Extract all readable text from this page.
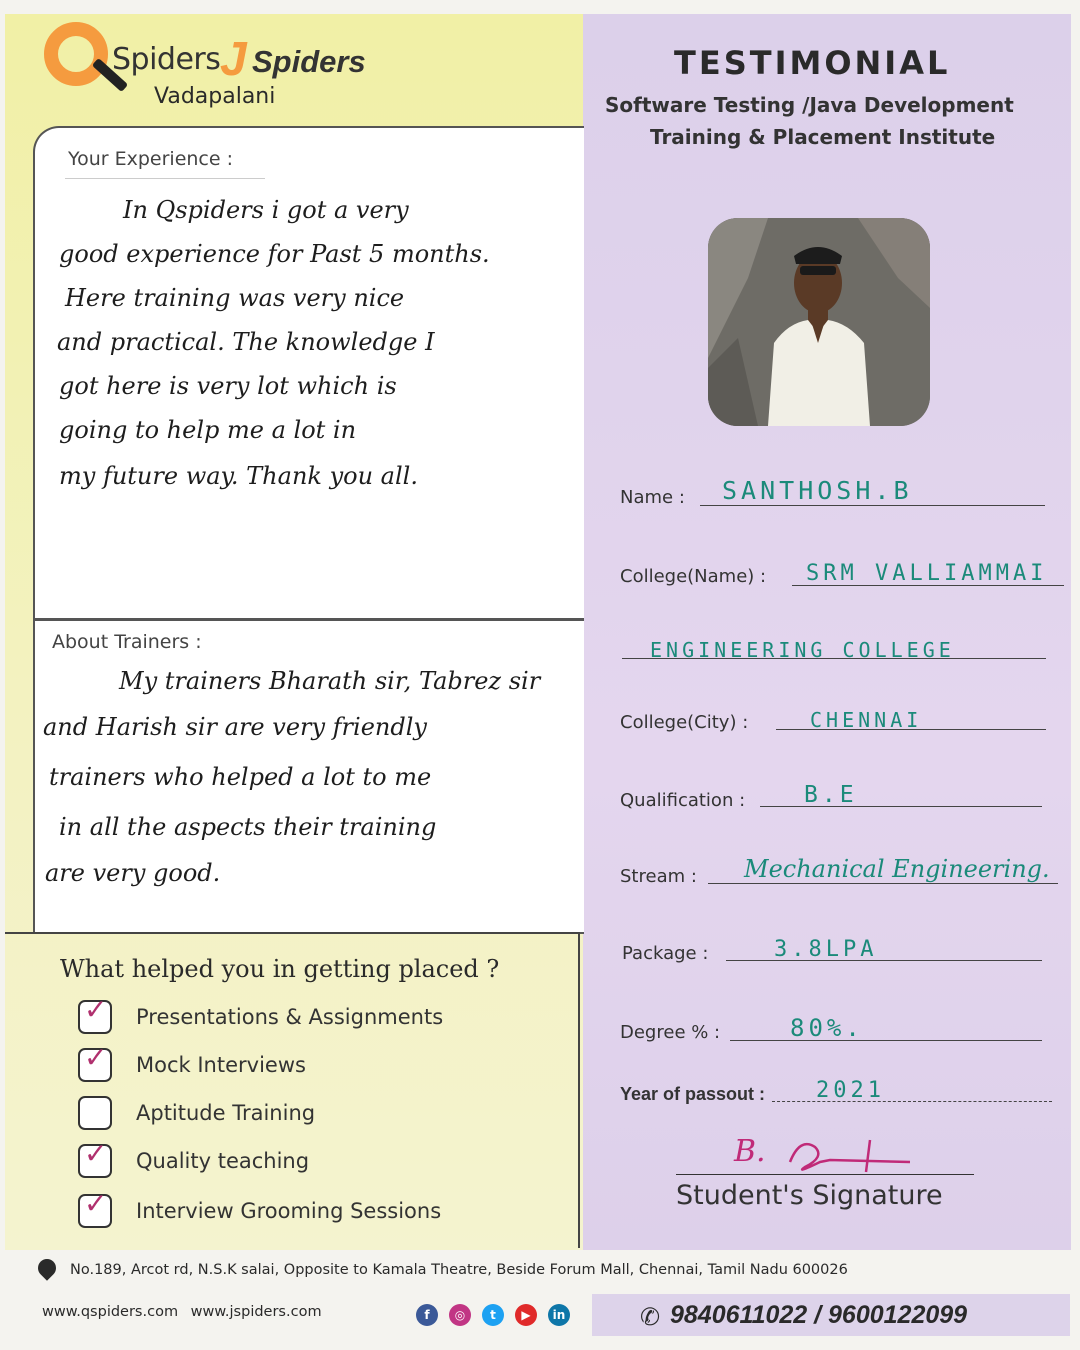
Spiders J Spiders
Vadapalani
TESTIMONIAL
Software Testing /Java Development
Training & Placement Institute
Your Experience :
In Qspiders i got a very
good experience for Past 5 months.
Here training was very nice
and practical. The knowledge I
got here is very lot which is
going to help me a lot in
my future way. Thank you all.
About Trainers :
My trainers Bharath sir, Tabrez sir
and Harish sir are very friendly
trainers who helped a lot to me
in all the aspects their training
are very good.
What helped you in getting placed ?
✓ Presentations & Assignments
✓ Mock Interviews
Aptitude Training
✓ Quality teaching
✓ Interview Grooming Sessions
Name : SANTHOSH.B
College(Name) : SRM VALLIAMMAI
ENGINEERING COLLEGE
College(City) :	CHENNAI
Qualification :	B.E
Stream : Mechanical Engineering.
Package :	3.8LPA
Degree % :	80%.
Year of passout : 2021
B.
Student's Signature
No.189, Arcot rd, N.S.K salai, Opposite to Kamala Theatre, Beside Forum Mall, Chennai, Tamil Nadu 600026
www.qspiders.com www.jspiders.com	f	◎	t	▶	in	✆ 9840611022 / 9600122099
